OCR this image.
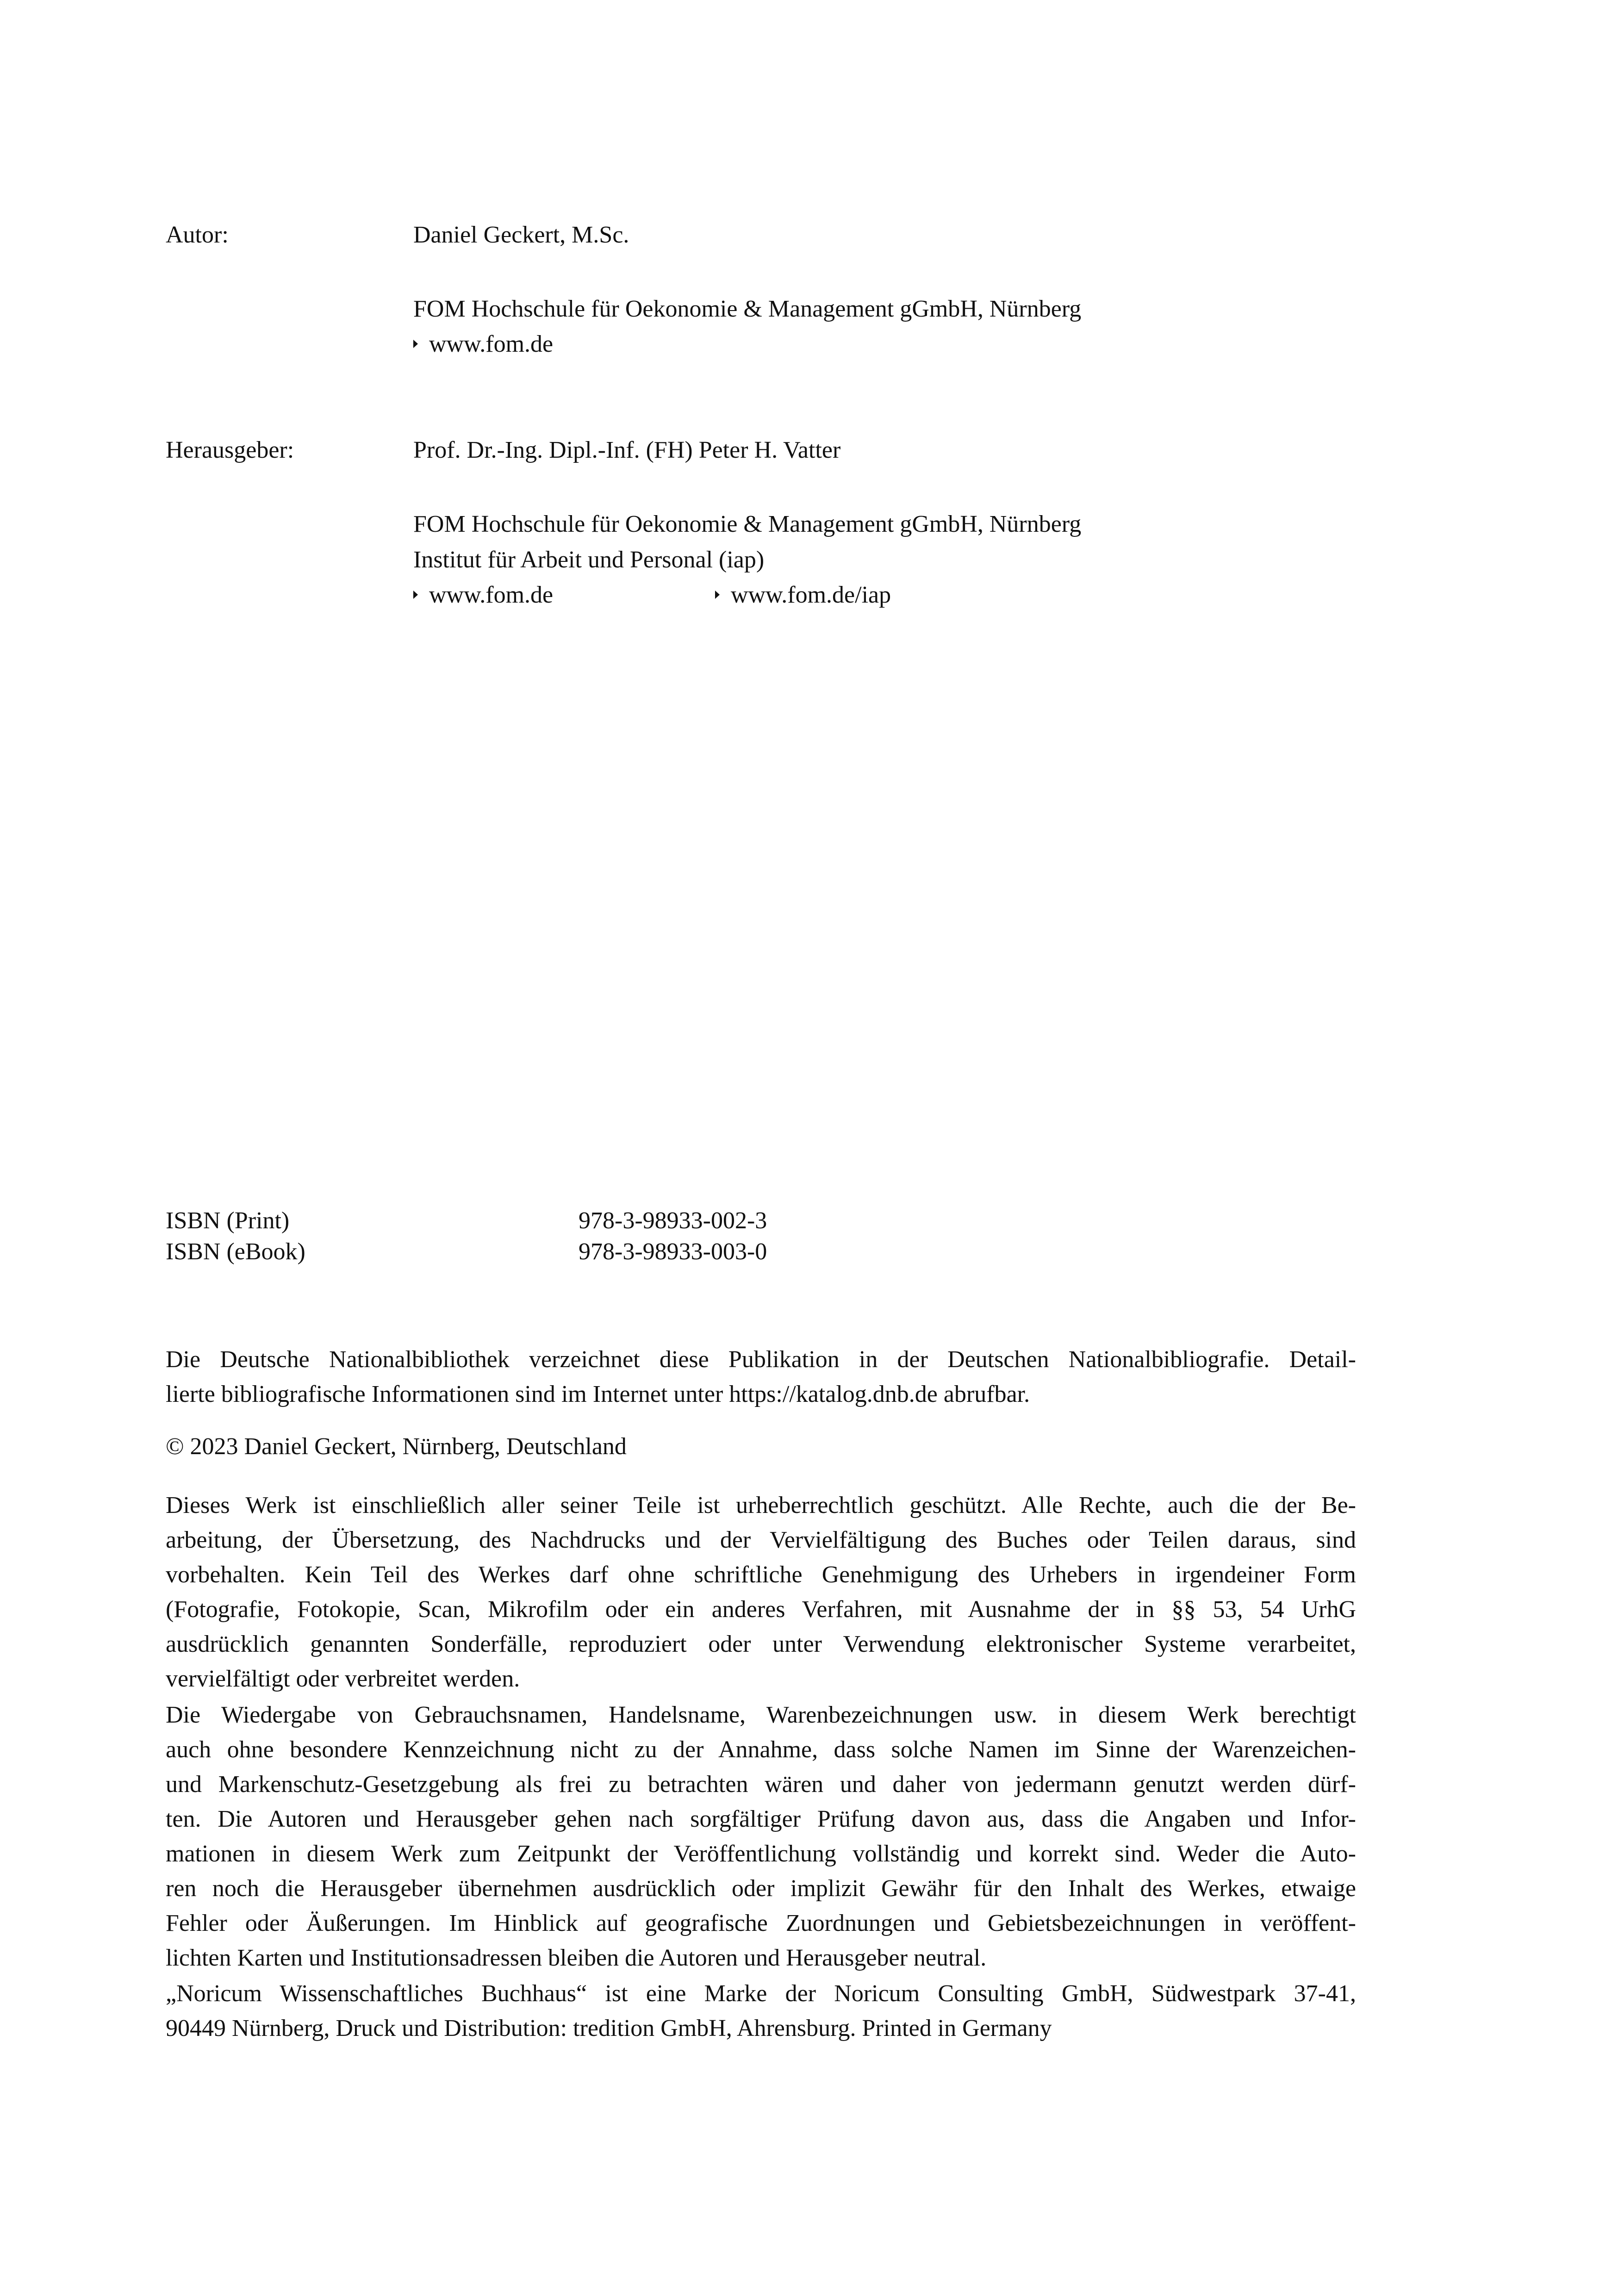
Autor:	Daniel Geckert, M.Sc.
FOM Hochschule für Oekonomie & Management gGmbH, Nürnberg
www.fom.de
Herausgeber:	Prof. Dr.-Ing. Dipl.-Inf. (FH) Peter H. Vatter
FOM Hochschule für Oekonomie & Management gGmbH, Nürnberg
Institut für Arbeit und Personal (iap)
www.fom.de	www.fom.de/iap
ISBN (Print)	978-3-98933-002-3
ISBN (eBook)	978-3-98933-003-0
Die Deutsche Nationalbibliothek verzeichnet diese Publikation in der Deutschen Nationalbibliografie. Detail-
lierte bibliografische Informationen sind im Internet unter https://katalog.dnb.de abrufbar.
© 2023 Daniel Geckert, Nürnberg, Deutschland
Dieses Werk ist einschließlich aller seiner Teile ist urheberrechtlich geschützt. Alle Rechte, auch die der Be-
arbeitung, der Übersetzung, des Nachdrucks und der Vervielfältigung des Buches oder Teilen daraus, sind
vorbehalten. Kein Teil des Werkes darf ohne schriftliche Genehmigung des Urhebers in irgendeiner Form
(Fotografie, Fotokopie, Scan, Mikrofilm oder ein anderes Verfahren, mit Ausnahme der in §§ 53, 54 UrhG
ausdrücklich genannten Sonderfälle, reproduziert oder unter Verwendung elektronischer Systeme verarbeitet,
vervielfältigt oder verbreitet werden.
Die Wiedergabe von Gebrauchsnamen, Handelsname, Warenbezeichnungen usw. in diesem Werk berechtigt
auch ohne besondere Kennzeichnung nicht zu der Annahme, dass solche Namen im Sinne der Warenzeichen-
und Markenschutz-Gesetzgebung als frei zu betrachten wären und daher von jedermann genutzt werden dürf-
ten. Die Autoren und Herausgeber gehen nach sorgfältiger Prüfung davon aus, dass die Angaben und Infor-
mationen in diesem Werk zum Zeitpunkt der Veröffentlichung vollständig und korrekt sind. Weder die Auto-
ren noch die Herausgeber übernehmen ausdrücklich oder implizit Gewähr für den Inhalt des Werkes, etwaige
Fehler oder Äußerungen. Im Hinblick auf geografische Zuordnungen und Gebietsbezeichnungen in veröffent-
lichten Karten und Institutionsadressen bleiben die Autoren und Herausgeber neutral.
„Noricum Wissenschaftliches Buchhaus“ ist eine Marke der Noricum Consulting GmbH, Südwestpark 37-41,
90449 Nürnberg, Druck und Distribution: tredition GmbH, Ahrensburg. Printed in Germany
